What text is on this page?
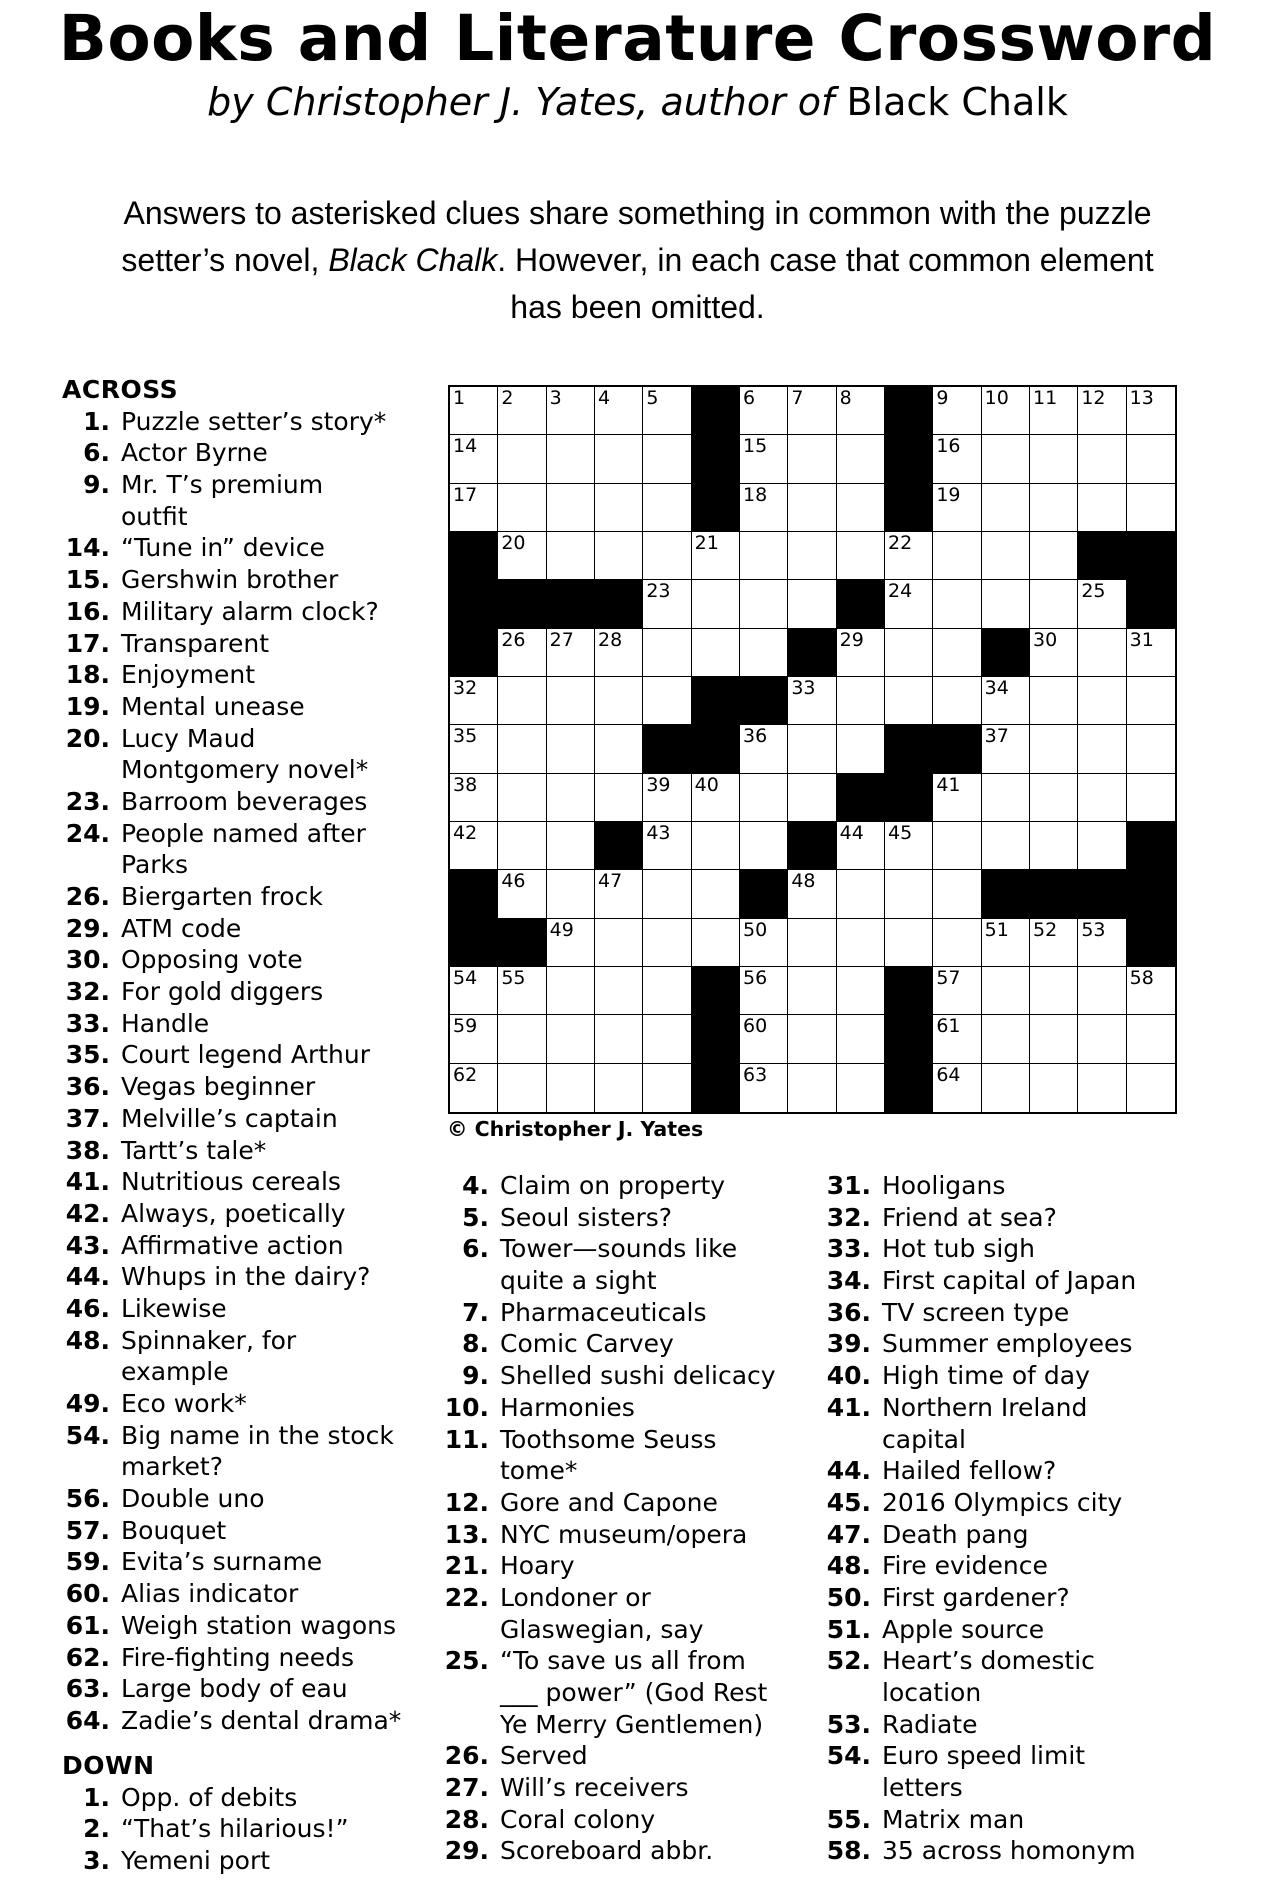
Books and Literature Crossword
by Christopher J. Yates, author of Black Chalk
Answers to asterisked clues share something in common with the puzzle
setter’s novel, Black Chalk. However, in each case that common element
has been omitted.
ACROSS
1. Puzzle setter’s story*
6. Actor Byrne
9. Mr. T’s premium
outfit
14. “Tune in” device
15. Gershwin brother
16. Military alarm clock?
17. Transparent
18. Enjoyment
19. Mental unease
20. Lucy Maud
Montgomery novel*
23. Barroom beverages
24. People named after
Parks
26. Biergarten frock
29. ATM code
30. Opposing vote
32. For gold diggers
33. Handle
35. Court legend Arthur
36. Vegas beginner
37. Melville’s captain
38. Tartt’s tale*
41. Nutritious cereals
42. Always, poetically
43. Affirmative action
44. Whups in the dairy?
46. Likewise
48. Spinnaker, for
example
49. Eco work*
54. Big name in the stock
market?
56. Double uno
57. Bouquet
59. Evita’s surname
60. Alias indicator
61. Weigh station wagons
62. Fire-fighting needs
63. Large body of eau
64. Zadie’s dental drama*
1 2 3 4 5	6 7 8	9 10 11 12 13
14	15	16
17	18	19
20	21	22
23	24	25
26 27 28	29	30	31
32	33	34
35	36	37
38	39 40	41
42	43	44 45
46	47	48
49	50	51 52 53
54 55	56	57	58
59	60	61
62	63	64
© Christopher J. Yates
DOWN
1. Opp. of debits
2. “That’s hilarious!”
3. Yemeni port
4. Claim on property
5. Seoul sisters?
6. Tower—sounds like
quite a sight
7. Pharmaceuticals
8. Comic Carvey
9. Shelled sushi delicacy
10. Harmonies
11. Toothsome Seuss
tome*
12. Gore and Capone
13. NYC museum/opera
21. Hoary
22. Londoner or
Glaswegian, say
25. “To save us all from
___ power” (God Rest
Ye Merry Gentlemen)
26. Served
27. Will’s receivers
28. Coral colony
29. Scoreboard abbr.
31. Hooligans
32. Friend at sea?
33. Hot tub sigh
34. First capital of Japan
36. TV screen type
39. Summer employees
40. High time of day
41. Northern Ireland
capital
44. Hailed fellow?
45. 2016 Olympics city
47. Death pang
48. Fire evidence
50. First gardener?
51. Apple source
52. Heart’s domestic
location
53. Radiate
54. Euro speed limit
letters
55. Matrix man
58. 35 across homonym
